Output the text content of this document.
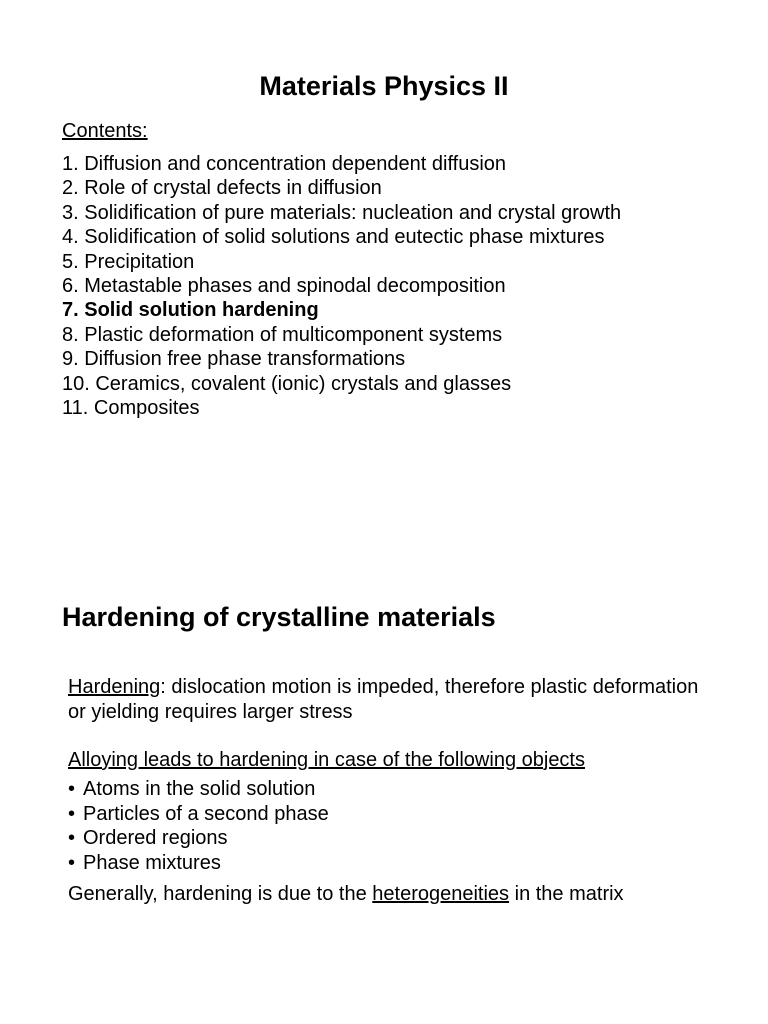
Materials Physics II
Contents:
1. Diffusion and concentration dependent diffusion
2. Role of crystal defects in diffusion
3. Solidification of pure materials: nucleation and crystal growth
4. Solidification of solid solutions and eutectic phase mixtures
5. Precipitation
6. Metastable phases and spinodal decomposition
7. Solid solution hardening
8. Plastic deformation of multicomponent systems
9. Diffusion free phase transformations
10. Ceramics, covalent (ionic) crystals and glasses
11. Composites
Hardening of crystalline materials
Hardening: dislocation motion is impeded, therefore plastic deformation or yielding requires larger stress
Alloying leads to hardening in case of the following objects
• Atoms in the solid solution
• Particles of a second phase
• Ordered regions
• Phase mixtures
Generally, hardening is due to the heterogeneities in the matrix
